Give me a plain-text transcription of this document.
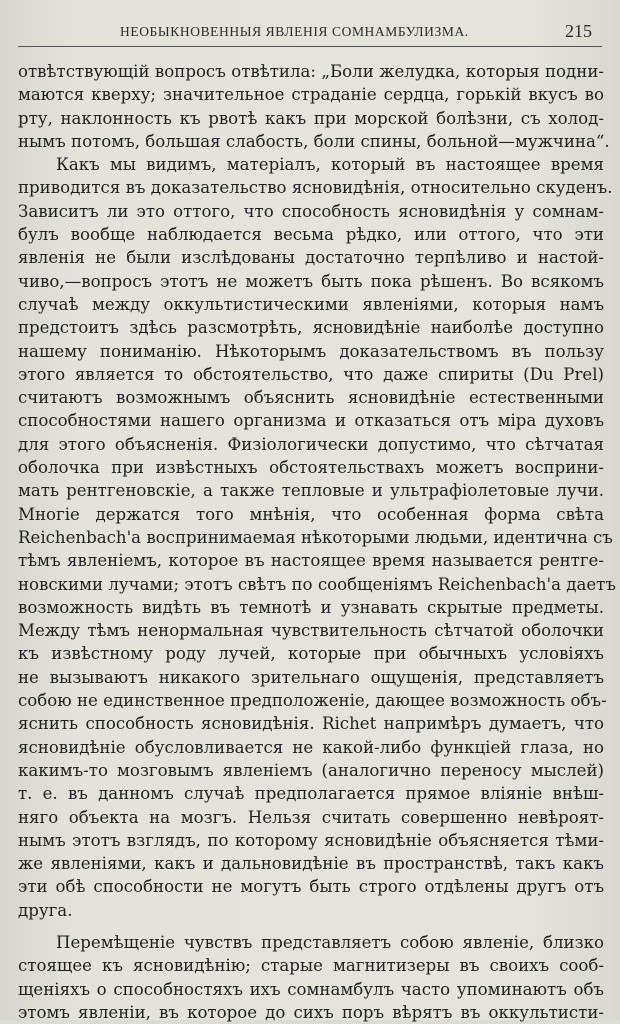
НЕОБЫКНОВЕННЫЯ ЯВЛЕНІЯ СОМНАМБУЛИЗМА.	215
отвѣтствующій вопросъ отвѣтила: „Боли желудка, которыя подни-
маются кверху; значительное страданіе сердца, горькій вкусъ во
рту, наклонность къ рвотѣ какъ при морской болѣзни, съ холод-
нымъ потомъ, большая слабость, боли спины, больной—мужчина“.
Какъ мы видимъ, матеріалъ, который въ настоящее время
приводится въ доказательство ясновидѣнія, относительно скуденъ.
Зависитъ ли это оттого, что способность ясновидѣнія у сомнам-
булъ вообще наблюдается весьма рѣдко, или оттого, что эти
явленія не были изслѣдованы достаточно терпѣливо и настой-
чиво,—вопросъ этотъ не можетъ быть пока рѣшенъ. Во всякомъ
случаѣ между оккультистическими явленіями, которыя намъ
предстоитъ здѣсь разсмотрѣть, ясновидѣніе наиболѣе доступно
нашему пониманію. Нѣкоторымъ доказательствомъ въ пользу
этого является то обстоятельство, что даже спириты (Du Prel)
считаютъ возможнымъ объяснить ясновидѣніе естественными
способностями нашего организма и отказаться отъ міра духовъ
для этого объясненія. Физіологически допустимо, что сѣтчатая
оболочка при извѣстныхъ обстоятельствахъ можетъ восприни-
мать рентгеновскіе, а также тепловые и ультрафіолетовые лучи.
Многіе держатся того мнѣнія, что особенная форма свѣта
Reichenbach'а воспринимаемая нѣкоторыми людьми, идентична съ
тѣмъ явленіемъ, которое въ настоящее время называется рентге-
новскими лучами; этотъ свѣтъ по сообщеніямъ Reichenbach'а даетъ
возможность видѣть въ темнотѣ и узнавать скрытые предметы.
Между тѣмъ ненормальная чувствительность сѣтчатой оболочки
къ извѣстному роду лучей, которые при обычныхъ условіяхъ
не вызываютъ никакого зрительнаго ощущенія, представляетъ
собою не единственное предположеніе, дающее возможность объ-
яснить способность ясновидѣнія. Richet напримѣръ думаетъ, что
ясновидѣніе обусловливается не какой-либо функціей глаза, но
какимъ-то мозговымъ явленіемъ (аналогично переносу мыслей)
т. е. въ данномъ случаѣ предполагается прямое вліяніе внѣш-
няго объекта на мозгъ. Нельзя считать совершенно невѣроят-
нымъ этотъ взглядъ, по которому ясновидѣніе объясняется тѣми-
же явленіями, какъ и дальновидѣніе въ пространствѣ, такъ какъ
эти обѣ способности не могутъ быть строго отдѣлены другъ отъ
друга.
Перемѣщеніе чувствъ представляетъ собою явленіе, близко
стоящее къ ясновидѣнію; старые магнитизеры въ своихъ сооб-
щеніяхъ о способностяхъ ихъ сомнамбулъ часто упоминаютъ объ
этомъ явленіи, въ которое до сихъ поръ вѣрятъ въ оккультисти-
